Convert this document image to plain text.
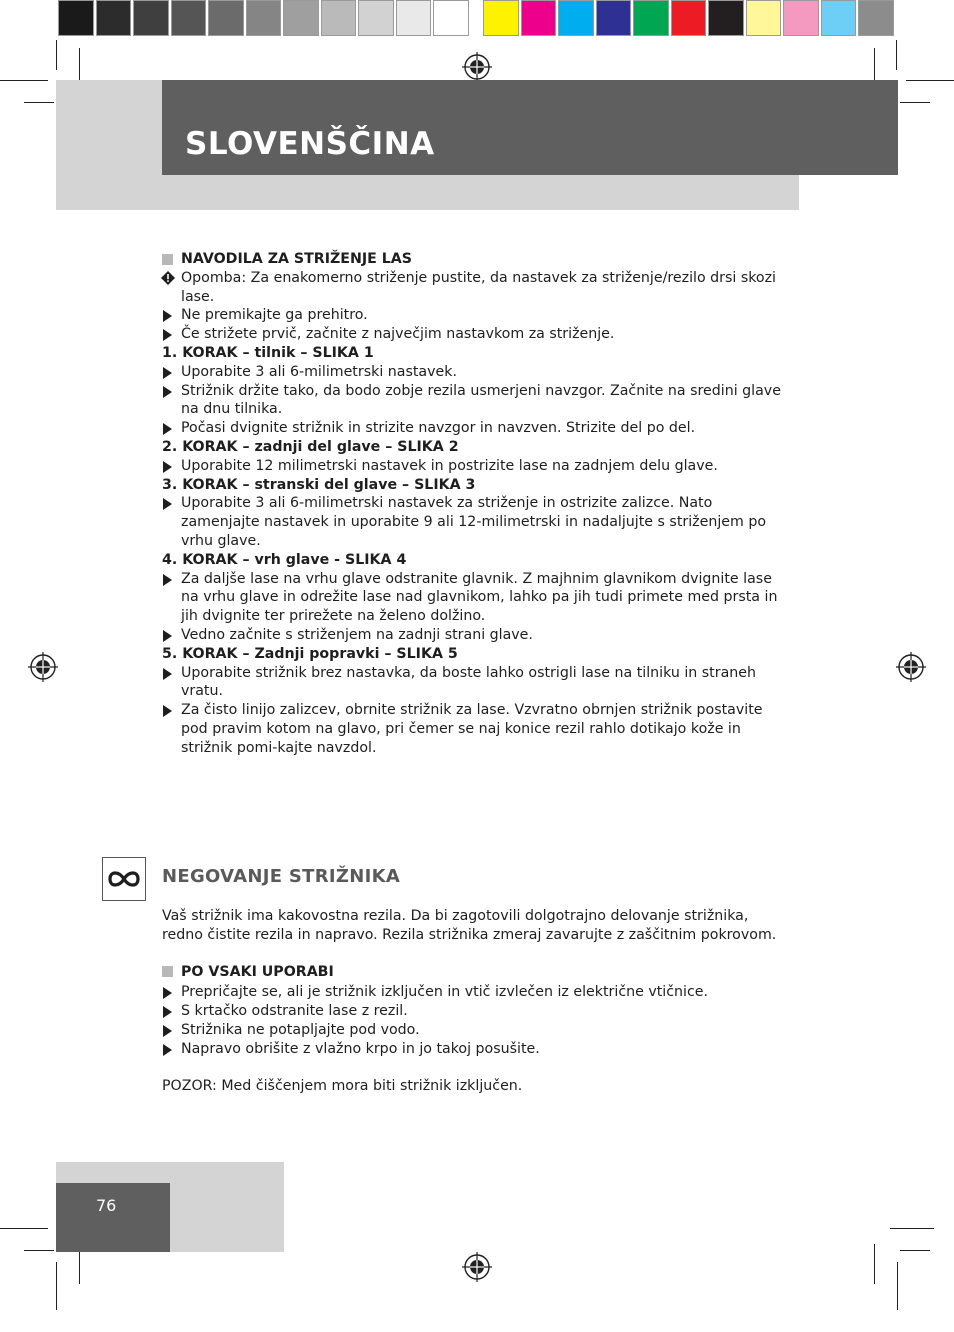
SLOVENŠČINA

NAVODILA ZA STRIŽENJE LAS

Opomba: Za enakomerno striženje pustite, da nastavek za striženje/rezilo drsi skozi lase.

Ne premikajte ga prehitro.

Če strižete prvič, začnite z največjim nastavkom za striženje.

1. KORAK – tilnik – SLIKA 1

Uporabite 3 ali 6-milimetrski nastavek.

Strižnik držite tako, da bodo zobje rezila usmerjeni navzgor. Začnite na sredini glave na dnu tilnika.

Počasi dvignite strižnik in strizite navzgor in navzven. Strizite del po del.

2. KORAK – zadnji del glave – SLIKA 2

Uporabite 12 milimetrski nastavek in postrizite lase na zadnjem delu glave.

3. KORAK – stranski del glave – SLIKA 3

Uporabite 3 ali 6-milimetrski nastavek za striženje in ostrizite zalizce. Nato zamenjajte nastavek in uporabite 9 ali 12-milimetrski in nadaljujte s striženjem po vrhu glave.

4. KORAK – vrh glave - SLIKA 4

Za daljše lase na vrhu glave odstranite glavnik. Z majhnim glavnikom dvignite lase na vrhu glave in odrežite lase nad glavnikom, lahko pa jih tudi primete med prsta in jih dvignite ter prirežete na želeno dolžino.

Vedno začnite s striženjem na zadnji strani glave.

5. KORAK – Zadnji popravki – SLIKA 5

Uporabite strižnik brez nastavka, da boste lahko ostrigli lase na tilniku in straneh vratu.

Za čisto linijo zalizcev, obrnite strižnik za lase. Vzvratno obrnjen strižnik postavite pod pravim kotom na glavo, pri čemer se naj konice rezil rahlo dotikajo kože in strižnik pomi-kajte navzdol.

NEGOVANJE STRIŽNIKA

Vaš strižnik ima kakovostna rezila. Da bi zagotovili dolgotrajno delovanje strižnika, redno čistite rezila in napravo. Rezila strižnika zmeraj zavarujte z zaščitnim pokrovom.

PO VSAKI UPORABI

Prepričajte se, ali je strižnik izključen in vtič izvlečen iz električne vtičnice.

S krtačko odstranite lase z rezil.

Strižnika ne potapljajte pod vodo.

Napravo obrišite z vlažno krpo in jo takoj posušite.

POZOR: Med čiščenjem mora biti strižnik izključen.

76
